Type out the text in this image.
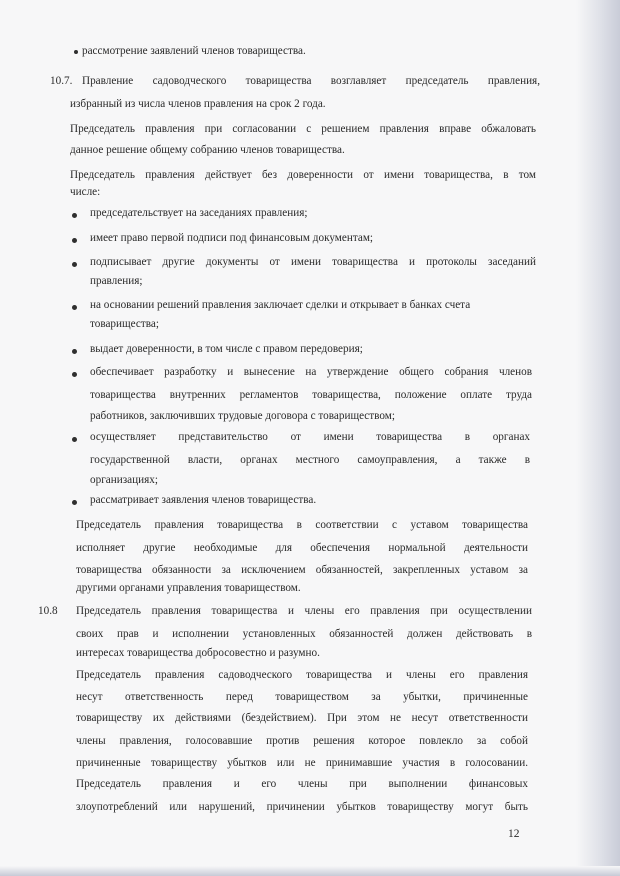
рассмотрение заявлений членов товарищества.
10.7. Правление садоводческого товарищества возглавляет председатель правления,
избранный из числа членов правления на срок 2 года.
Председатель правления при согласовании с решением правления вправе обжаловать
данное решение общему собранию членов товарищества.
Председатель правления действует без доверенности от имени товарищества, в том
числе:
председательствует на заседаниях правления;
имеет право первой подписи под финансовым документам;
подписывает другие документы от имени товарищества и протоколы заседаний
правления;
на основании решений правления заключает сделки и открывает в банках счета
товарищества;
выдает доверенности, в том числе с правом передоверия;
обеспечивает разработку и вынесение на утверждение общего собрания членов
товарищества внутренних регламентов товарищества, положение оплате труда
работников, заключивших трудовые договора с товариществом;
осуществляет представительство от имени товарищества в органах
государственной власти, органах местного самоуправления, а также в
организациях;
рассматривает заявления членов товарищества.
Председатель правления товарищества в соответствии с уставом товарищества
исполняет другие необходимые для обеспечения нормальной деятельности
товарищества обязанности за исключением обязанностей, закрепленных уставом за
другими органами управления товариществом.
10.8 Председатель правления товарищества и члены его правления при осуществлении
своих прав и исполнении установленных обязанностей должен действовать в
интересах товарищества добросовестно и разумно.
Председатель правления садоводческого товарищества и члены его правления
несут ответственность перед товариществом за убытки, причиненные
товариществу их действиями (бездействием). При этом не несут ответственности
члены правления, голосовавшие против решения которое повлекло за собой
причиненные товариществу убытков или не принимавшие участия в голосовании.
Председатель правления и его члены при выполнении финансовых
злоупотреблений или нарушений, причинении убытков товариществу могут быть
12
